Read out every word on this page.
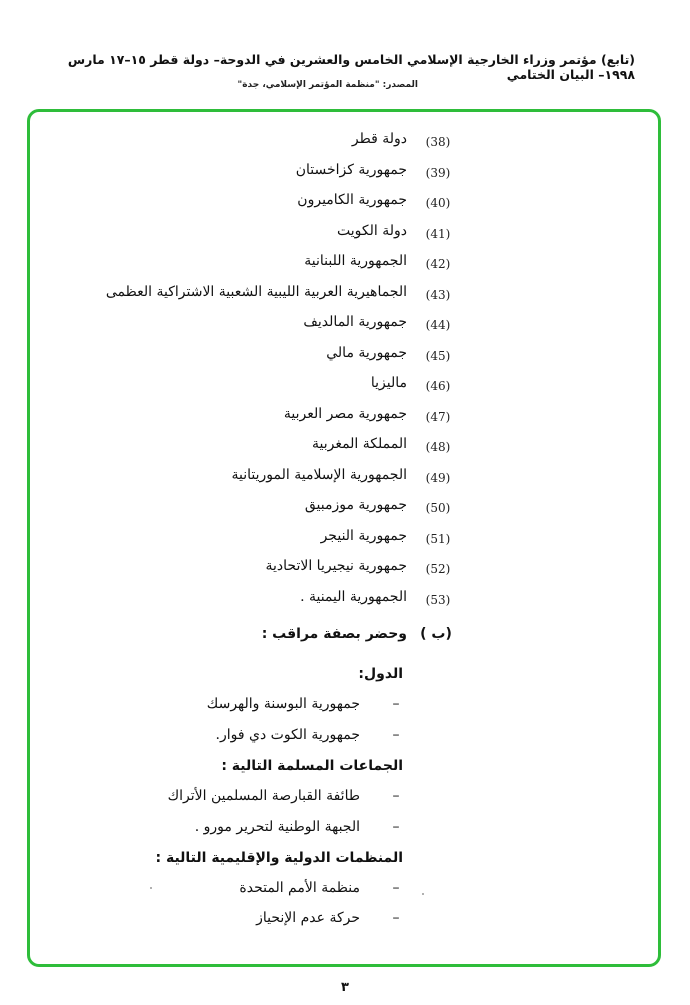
(تابع) مؤتمر وزراء الخارجية الإسلامي الخامس والعشرين في الدوحة– دولة قطر ١٥–١٧ مارس ١٩٩٨– البيان الختامي
المصدر: "منظمة المؤتمر الإسلامي، جدة"
(38)
دولة قطر
(39)
جمهورية كزاخستان
(40)
جمهورية الكاميرون
(41)
دولة الكويت
(42)
الجمهورية اللبنانية
(43)
الجماهيرية العربية الليبية الشعبية الاشتراكية العظمى
(44)
جمهورية المالديف
(45)
جمهورية مالي
(46)
ماليزيا
(47)
جمهورية مصر العربية
(48)
المملكة المغربية
(49)
الجمهورية الإسلامية الموريتانية
(50)
جمهورية موزمبيق
(51)
جمهورية النيجر
(52)
جمهورية نيجيريا الاتحادية
(53)
الجمهورية اليمنية .
(ب )
وحضر بصفة مراقب :
الدول:
–
جمهورية البوسنة والهرسك
–
جمهورية الكوت دي فوار.
الجماعات المسلمة التالية :
–
طائفة القبارصة المسلمين الأتراك
–
الجبهة الوطنية لتحرير مورو .
المنظمات الدولية والإقليمية التالية :
–
منظمة الأمم المتحدة
–
حركة عدم الإنحياز
٣
